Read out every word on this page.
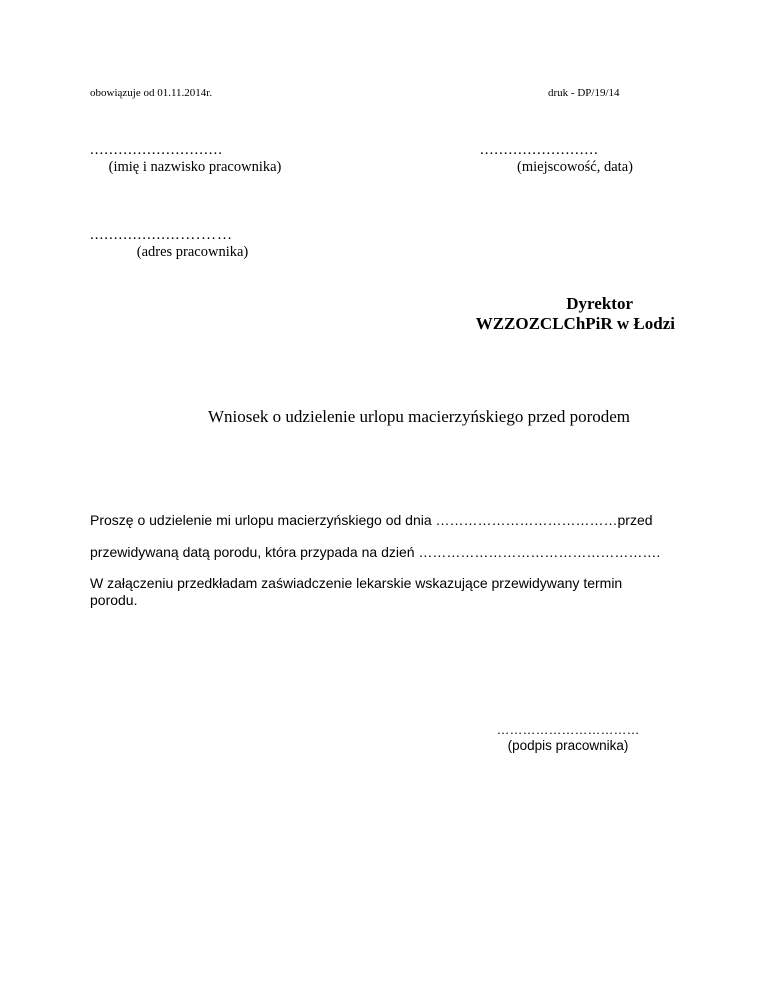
obowiązuje od 01.11.2014r.	druk - DP/19/14
............................
(imię i nazwisko pracownika)
.........................
(miejscowość, data)
...................….……
(adres pracownika)
Dyrektor
WZZOZCLChPiR w Łodzi
Wniosek o udzielenie urlopu macierzyńskiego przed porodem
Proszę o udzielenie mi urlopu macierzyńskiego od dnia …………………………………przed
przewidywaną datą porodu, która przypada na dzień …………………………………………….
W załączeniu przedkładam zaświadczenie lekarskie wskazujące przewidywany termin
porodu.
……………………………
(podpis pracownika)
